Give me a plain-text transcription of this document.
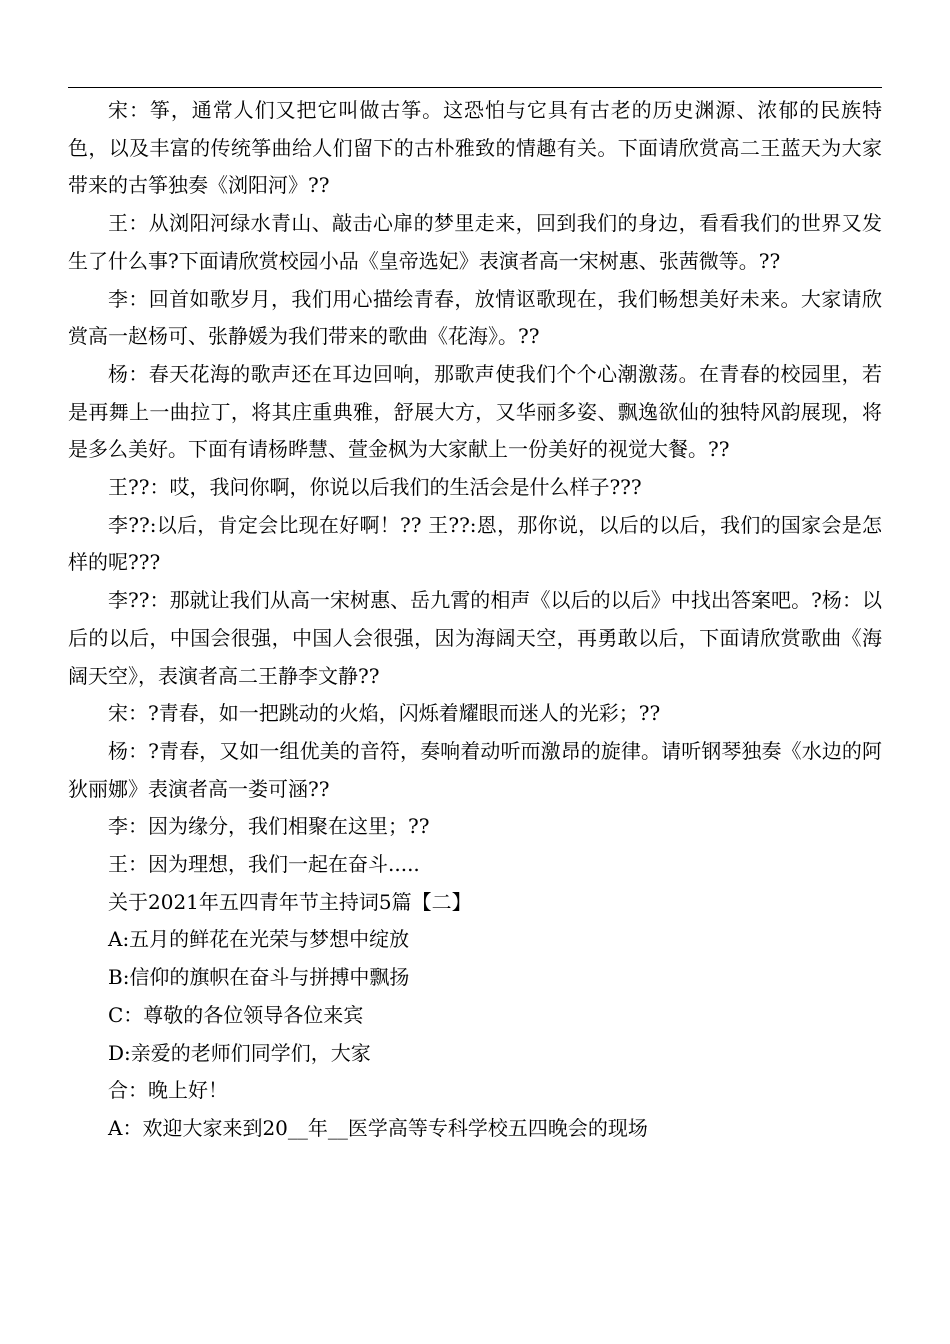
宋：筝，通常人们又把它叫做古筝。这恐怕与它具有古老的历史渊源、浓郁的民族特色，以及丰富的传统筝曲给人们留下的古朴雅致的情趣有关。下面请欣赏高二王蓝天为大家带来的古筝独奏《浏阳河》??

王：从浏阳河绿水青山、敲击心扉的梦里走来，回到我们的身边，看看我们的世界又发生了什么事?下面请欣赏校园小品《皇帝选妃》表演者高一宋树惠、张茜微等。??

李：回首如歌岁月，我们用心描绘青春，放情讴歌现在，我们畅想美好未来。大家请欣赏高一赵杨可、张静媛为我们带来的歌曲《花海》。??

杨：春天花海的歌声还在耳边回响，那歌声使我们个个心潮激荡。在青春的校园里，若是再舞上一曲拉丁，将其庄重典雅，舒展大方，又华丽多姿、飘逸欲仙的独特风韵展现，将是多么美好。下面有请杨晔慧、萱金枫为大家献上一份美好的视觉大餐。??

王??：哎，我问你啊，你说以后我们的生活会是什么样子???

李??:以后，肯定会比现在好啊！?? 王??:恩，那你说，以后的以后，我们的国家会是怎样的呢???

李??：那就让我们从高一宋树惠、岳九霄的相声《以后的以后》中找出答案吧。?杨：以后的以后，中国会很强，中国人会很强，因为海阔天空，再勇敢以后，下面请欣赏歌曲《海阔天空》，表演者高二王静李文静??

宋：?青春，如一把跳动的火焰，闪烁着耀眼而迷人的光彩；??

杨：?青春，又如一组优美的音符，奏响着动听而激昂的旋律。请听钢琴独奏《水边的阿狄丽娜》表演者高一娄可涵??

李：因为缘分，我们相聚在这里；??

王：因为理想，我们一起在奋斗.....

关于2021年五四青年节主持词5篇【二】

A:五月的鲜花在光荣与梦想中绽放

B:信仰的旗帜在奋斗与拼搏中飘扬

C：尊敬的各位领导各位来宾

D:亲爱的老师们同学们，大家

合：晚上好！

A：欢迎大家来到20__年__医学高等专科学校五四晚会的现场
